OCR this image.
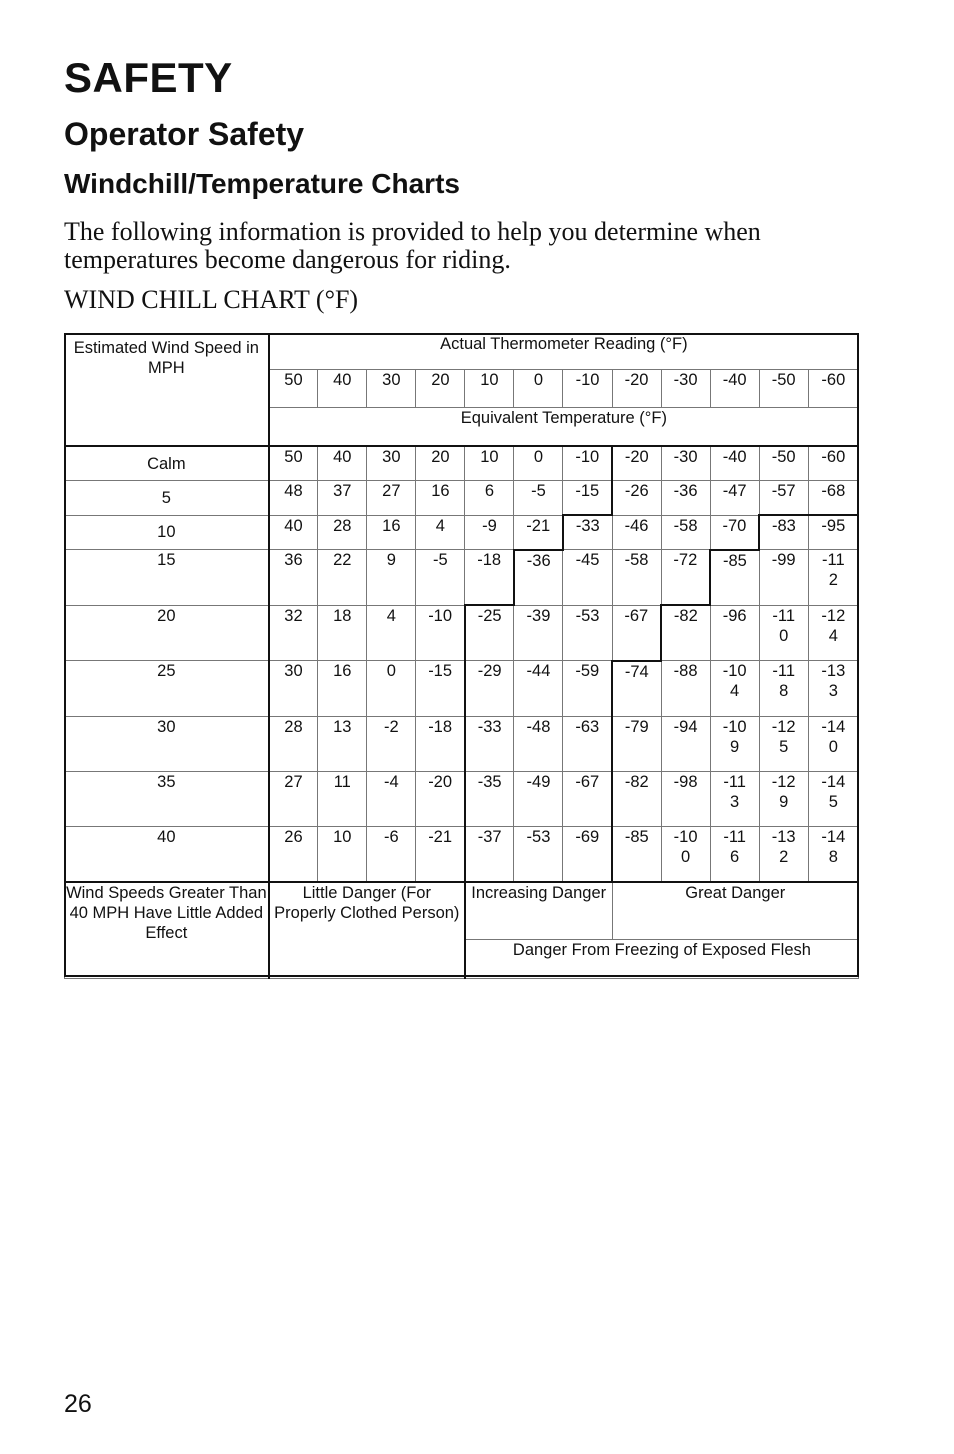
SAFETY
Operator Safety
Windchill/Temperature Charts

The following information is provided to help you determine when temperatures become dangerous for riding.

WIND CHILL CHART (°F)

Estimated Wind Speed in MPH	Actual Thermometer Reading (°F)											
	50	40	30	20	10	0	-10	-20	-30	-40	-50	-60
	Equivalent Temperature (°F)											
Calm	50	40	30	20	10	0	-10	-20	-30	-40	-50	-60
5	48	37	27	16	6	-5	-15	-26	-36	-47	-57	-68
10	40	28	16	4	-9	-21	-33	-46	-58	-70	-83	-95
15	36	22	9	-5	-18	-36	-45	-58	-72	-85	-99	-112
20	32	18	4	-10	-25	-39	-53	-67	-82	-96	-110	-124
25	30	16	0	-15	-29	-44	-59	-74	-88	-104	-118	-133
30	28	13	-2	-18	-33	-48	-63	-79	-94	-109	-125	-140
35	27	11	-4	-20	-35	-49	-67	-82	-98	-113	-129	-145
40	26	10	-6	-21	-37	-53	-69	-85	-100	-116	-132	-148
Wind Speeds Greater Than 40 MPH Have Little Added Effect	Little Danger (For Properly Clothed Person)				Increasing Danger			Great Danger				
					Danger From Freezing of Exposed Flesh							
26
